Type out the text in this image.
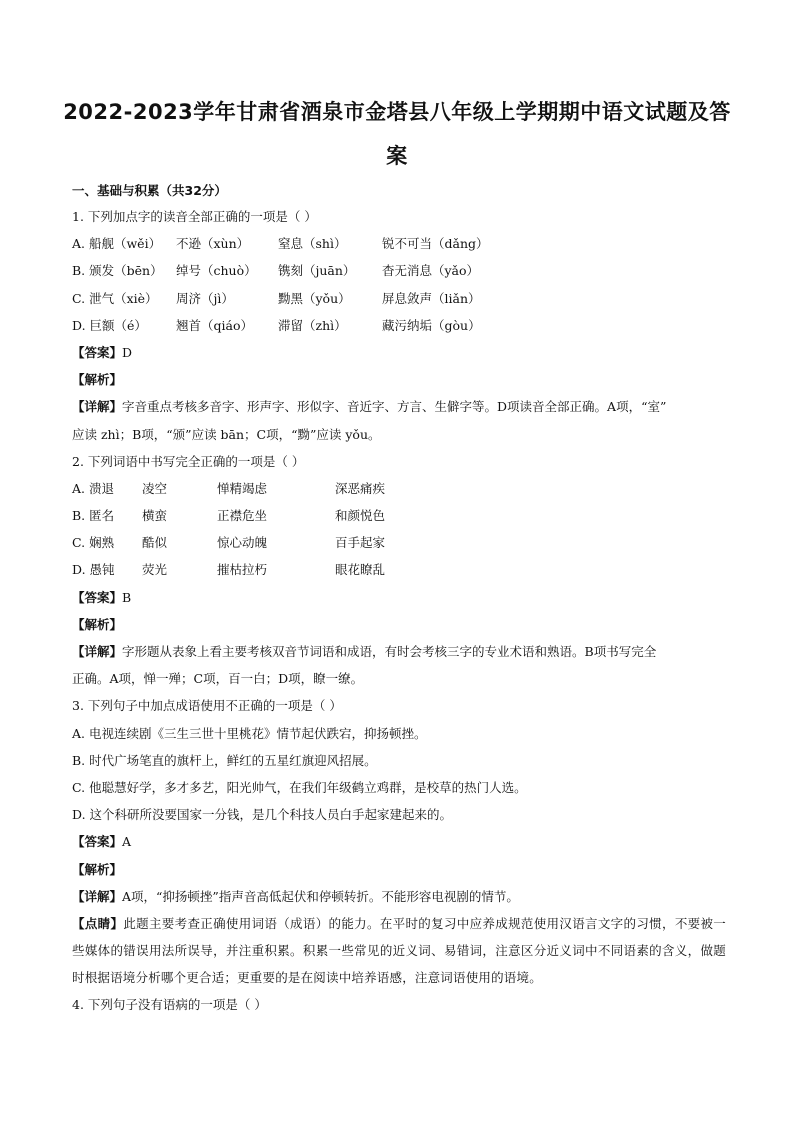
2022-2023学年甘肃省酒泉市金塔县八年级上学期期中语文试题及答
案
一、基础与积累（共32分）
1. 下列加点字的读音全部正确的一项是（ ）
A. 船舰（wěi）	不逊（xùn）	窒息（shì）	锐不可当（dǎng）
B. 颁发（bēn）	绰号（chuò）	镌刻（juān）	杳无消息（yǎo）
C. 泄气（xiè）	周济（jì）	黝黑（yǒu）	屏息敛声（liǎn）
D. 巨额（é）	翘首（qiáo）	滞留（zhì）	藏污纳垢（gòu）
【答案】D
【解析】
【详解】字音重点考核多音字、形声字、形似字、音近字、方言、生僻字等。D项读音全部正确。A项，“室”
应读 zhì；B项，“颁”应读 bān；C项，“黝”应读 yǒu。
2. 下列词语中书写完全正确的一项是（ ）
A. 溃退	凌空	惮精竭虑	深恶痛疾
B. 匿名	横蛮	正襟危坐	和颜悦色
C. 娴熟	酷似	惊心动魄	百手起家
D. 愚钝	荧光	摧枯拉朽	眼花瞭乱
【答案】B
【解析】
【详解】字形题从表象上看主要考核双音节词语和成语，有时会考核三字的专业术语和熟语。B项书写完全
正确。A项，惮一殚；C项，百一白；D项，瞭一缭。
3. 下列句子中加点成语使用不正确的一项是（ ）
A. 电视连续剧《三生三世十里桃花》情节起伏跌宕，抑扬顿挫。
B. 时代广场笔直的旗杆上，鲜红的五星红旗迎风招展。
C. 他聪慧好学，多才多艺，阳光帅气，在我们年级鹤立鸡群，是校草的热门人选。
D. 这个科研所没要国家一分钱，是几个科技人员白手起家建起来的。
【答案】A
【解析】
【详解】A项，“抑扬顿挫”指声音高低起伏和停顿转折。不能形容电视剧的情节。
【点睛】此题主要考查正确使用词语（成语）的能力。在平时的复习中应养成规范使用汉语言文字的习惯，不要被一些媒体的错误用法所误导，并注重积累。积累一些常见的近义词、易错词，注意区分近义词中不同语素的含义，做题时根据语境分析哪个更合适；更重要的是在阅读中培养语感，注意词语使用的语境。
4. 下列句子没有语病的一项是（ ）
